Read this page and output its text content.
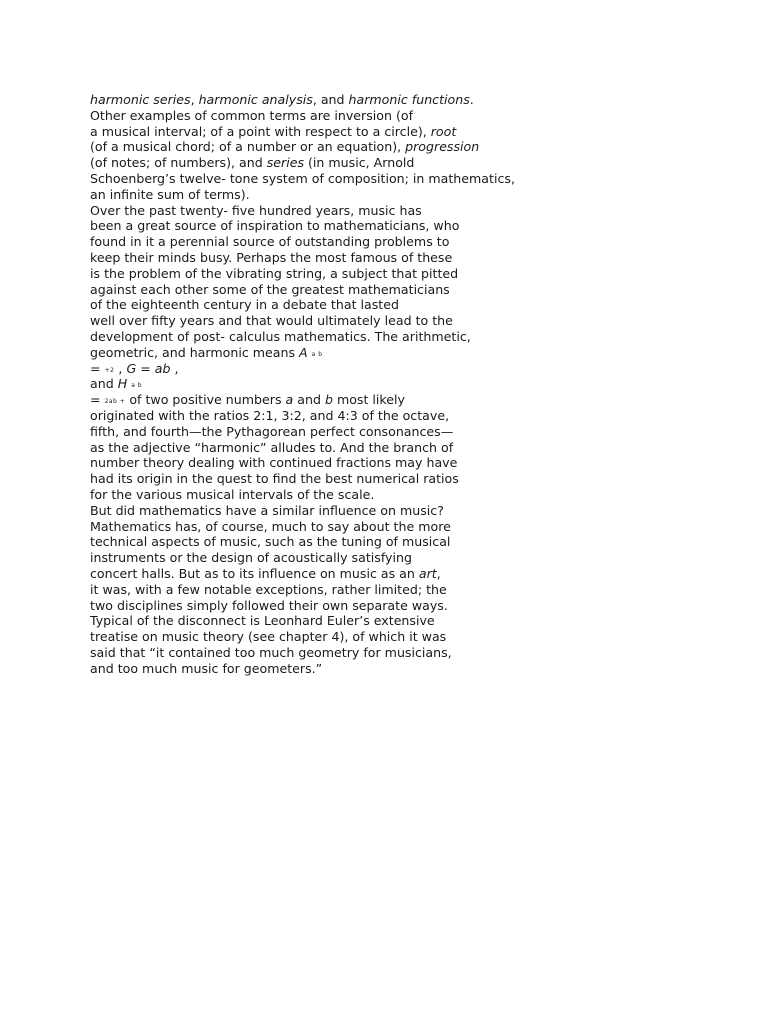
harmonic series, harmonic analysis, and harmonic functions.
Other examples of common terms are inversion (of
a musical interval; of a point with respect to a circle), root
(of a musical chord; of a number or an equation), progression
(of notes; of numbers), and series (in music, Arnold
Schoenberg’s twelve- tone system of composition; in mathematics,
an infinite sum of terms).
Over the past twenty- five hundred years, music has
been a great source of inspiration to mathematicians, who
found in it a perennial source of outstanding problems to
keep their minds busy. Perhaps the most famous of these
is the problem of the vibrating string, a subject that pitted
against each other some of the greatest mathematicians
of the eighteenth century in a debate that lasted
well over fifty years and that would ultimately lead to the
development of post- calculus mathematics. The arithmetic,
geometric, and harmonic means A a b
= +2 , G = ab ,
and H a b
= 2ab + of two positive numbers a and b most likely
originated with the ratios 2:1, 3:2, and 4:3 of the octave,
fifth, and fourth—the Pythagorean perfect consonances—
as the adjective “harmonic” alludes to. And the branch of
number theory dealing with continued fractions may have
had its origin in the quest to find the best numerical ratios
for the various musical intervals of the scale.
But did mathematics have a similar influence on music?
Mathematics has, of course, much to say about the more
technical aspects of music, such as the tuning of musical
instruments or the design of acoustically satisfying
concert halls. But as to its influence on music as an art,
it was, with a few notable exceptions, rather limited; the
two disciplines simply followed their own separate ways.
Typical of the disconnect is Leonhard Euler’s extensive
treatise on music theory (see chapter 4), of which it was
said that “it contained too much geometry for musicians,
and too much music for geometers.”
